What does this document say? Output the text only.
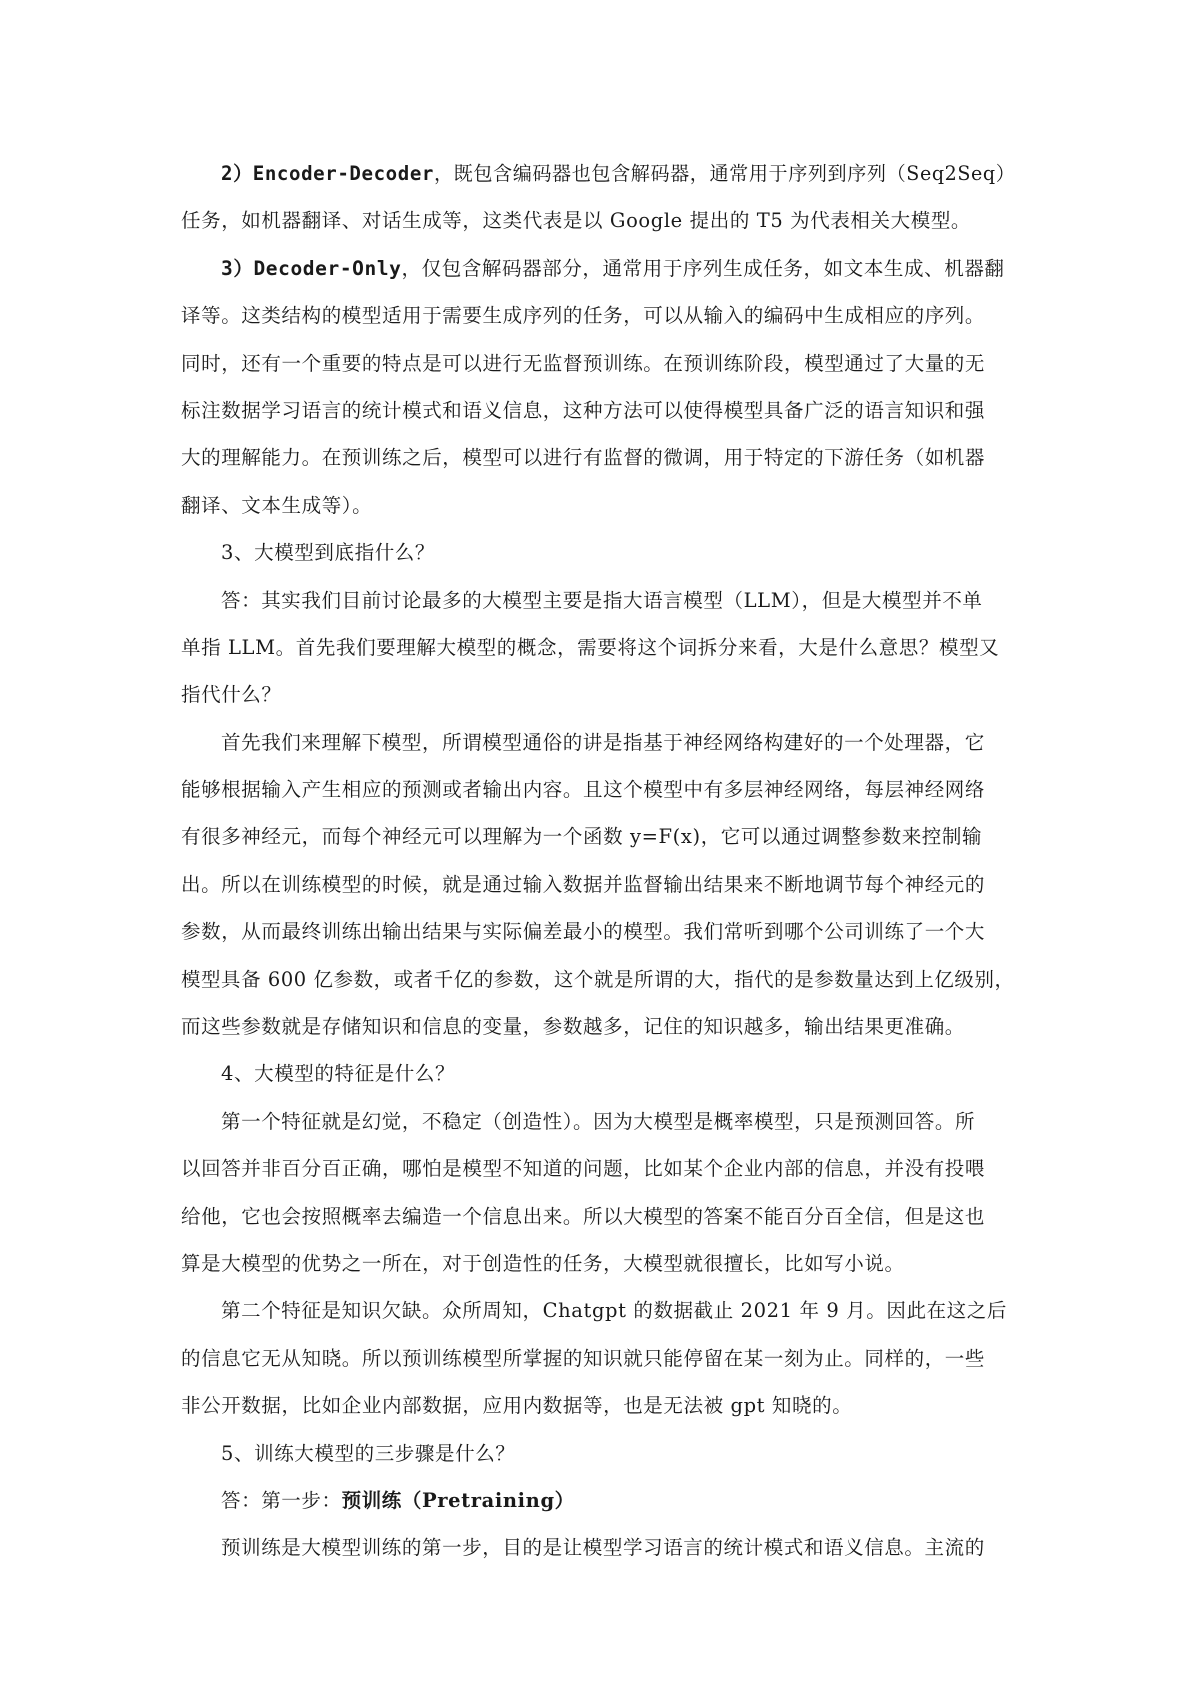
2）Encoder-Decoder，既包含编码器也包含解码器，通常用于序列到序列（Seq2Seq）
任务，如机器翻译、对话生成等，这类代表是以 Google 提出的 T5 为代表相关大模型。
3）Decoder-Only，仅包含解码器部分，通常用于序列生成任务，如文本生成、机器翻
译等。这类结构的模型适用于需要生成序列的任务，可以从输入的编码中生成相应的序列。
同时，还有一个重要的特点是可以进行无监督预训练。在预训练阶段，模型通过了大量的无
标注数据学习语言的统计模式和语义信息，这种方法可以使得模型具备广泛的语言知识和强
大的理解能力。在预训练之后，模型可以进行有监督的微调，用于特定的下游任务（如机器
翻译、文本生成等）。
3、大模型到底指什么？
答：其实我们目前讨论最多的大模型主要是指大语言模型（LLM），但是大模型并不单
单指 LLM。首先我们要理解大模型的概念，需要将这个词拆分来看，大是什么意思？模型又
指代什么？
首先我们来理解下模型，所谓模型通俗的讲是指基于神经网络构建好的一个处理器，它
能够根据输入产生相应的预测或者输出内容。且这个模型中有多层神经网络，每层神经网络
有很多神经元，而每个神经元可以理解为一个函数 y=F(x)，它可以通过调整参数来控制输
出。所以在训练模型的时候，就是通过输入数据并监督输出结果来不断地调节每个神经元的
参数，从而最终训练出输出结果与实际偏差最小的模型。我们常听到哪个公司训练了一个大
模型具备 600 亿参数，或者千亿的参数，这个就是所谓的大，指代的是参数量达到上亿级别，
而这些参数就是存储知识和信息的变量，参数越多，记住的知识越多，输出结果更准确。
4、大模型的特征是什么？
第一个特征就是幻觉，不稳定（创造性）。因为大模型是概率模型，只是预测回答。所
以回答并非百分百正确，哪怕是模型不知道的问题，比如某个企业内部的信息，并没有投喂
给他，它也会按照概率去编造一个信息出来。所以大模型的答案不能百分百全信，但是这也
算是大模型的优势之一所在，对于创造性的任务，大模型就很擅长，比如写小说。
第二个特征是知识欠缺。众所周知，Chatgpt 的数据截止 2021 年 9 月。因此在这之后
的信息它无从知晓。所以预训练模型所掌握的知识就只能停留在某一刻为止。同样的，一些
非公开数据，比如企业内部数据，应用内数据等，也是无法被 gpt 知晓的。
5、训练大模型的三步骤是什么？
答：第一步：预训练（Pretraining）
预训练是大模型训练的第一步，目的是让模型学习语言的统计模式和语义信息。主流的
